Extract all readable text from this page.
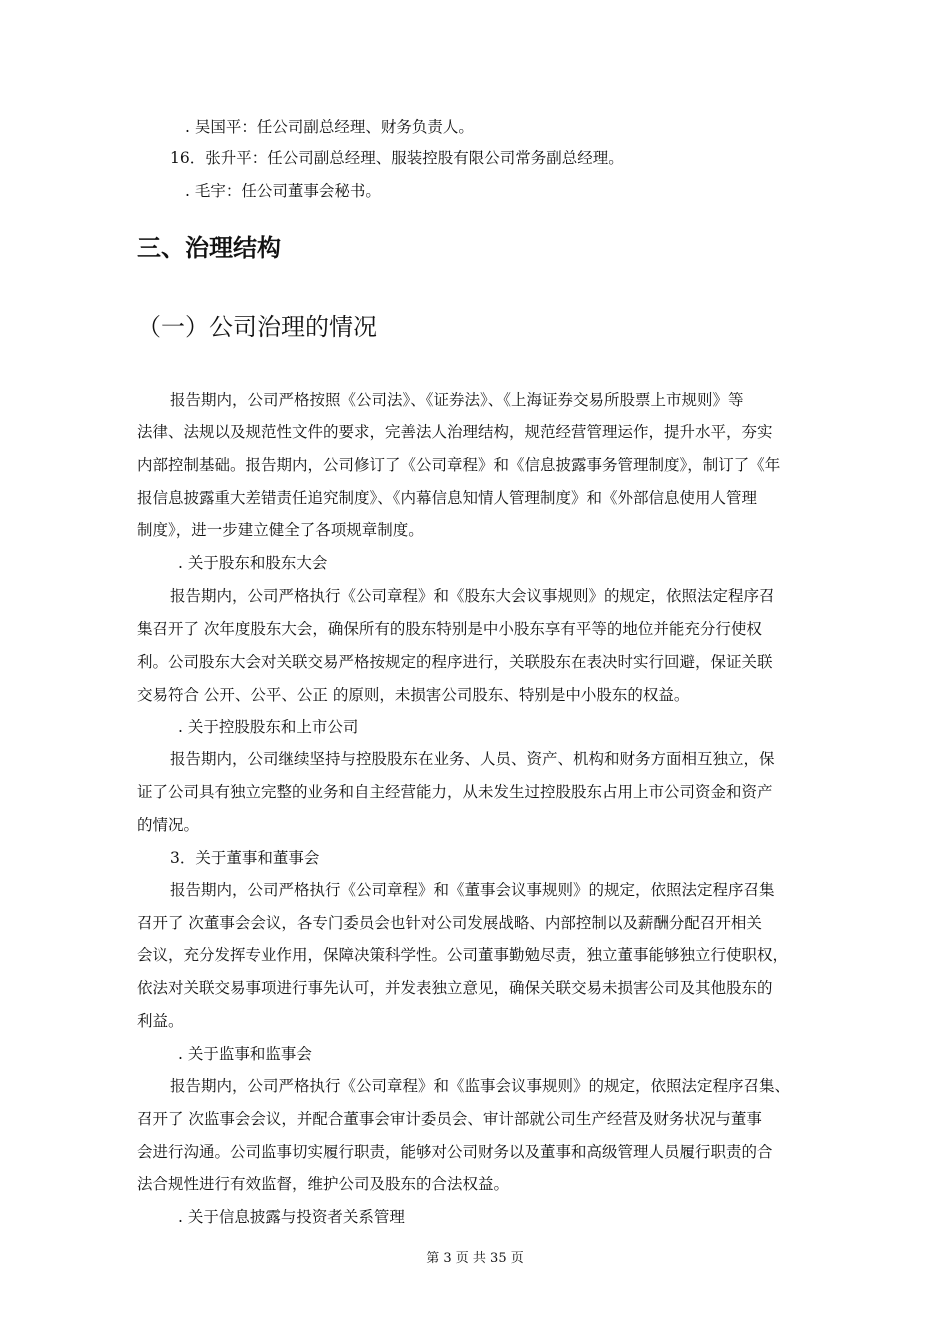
. 吴国平：任公司副总经理、财务负责人。
16．张升平：任公司副总经理、服装控股有限公司常务副总经理。
. 毛宇：任公司董事会秘书。
三、治理结构
（一）公司治理的情况
报告期内，公司严格按照《公司法》、《证券法》、《上海证券交易所股票上市规则》等
法律、法规以及规范性文件的要求，完善法人治理结构，规范经营管理运作，提升水平，夯实
内部控制基础。报告期内，公司修订了《公司章程》和《信息披露事务管理制度》，制订了《年
报信息披露重大差错责任追究制度》、《内幕信息知情人管理制度》和《外部信息使用人管理
制度》，进一步建立健全了各项规章制度。
. 关于股东和股东大会
报告期内，公司严格执行《公司章程》和《股东大会议事规则》的规定，依照法定程序召
集召开了 次年度股东大会，确保所有的股东特别是中小股东享有平等的地位并能充分行使权
利。公司股东大会对关联交易严格按规定的程序进行，关联股东在表决时实行回避，保证关联
交易符合 公开、公平、公正 的原则，未损害公司股东、特别是中小股东的权益。
. 关于控股股东和上市公司
报告期内，公司继续坚持与控股股东在业务、人员、资产、机构和财务方面相互独立，保
证了公司具有独立完整的业务和自主经营能力，从未发生过控股股东占用上市公司资金和资产
的情况。
3．关于董事和董事会
报告期内，公司严格执行《公司章程》和《董事会议事规则》的规定，依照法定程序召集
召开了 次董事会会议，各专门委员会也针对公司发展战略、内部控制以及薪酬分配召开相关
会议，充分发挥专业作用，保障决策科学性。公司董事勤勉尽责，独立董事能够独立行使职权，
依法对关联交易事项进行事先认可，并发表独立意见，确保关联交易未损害公司及其他股东的
利益。
. 关于监事和监事会
报告期内，公司严格执行《公司章程》和《监事会议事规则》的规定，依照法定程序召集、
召开了 次监事会会议，并配合董事会审计委员会、审计部就公司生产经营及财务状况与董事
会进行沟通。公司监事切实履行职责，能够对公司财务以及董事和高级管理人员履行职责的合
法合规性进行有效监督，维护公司及股东的合法权益。
. 关于信息披露与投资者关系管理
第 3 页 共 35 页
